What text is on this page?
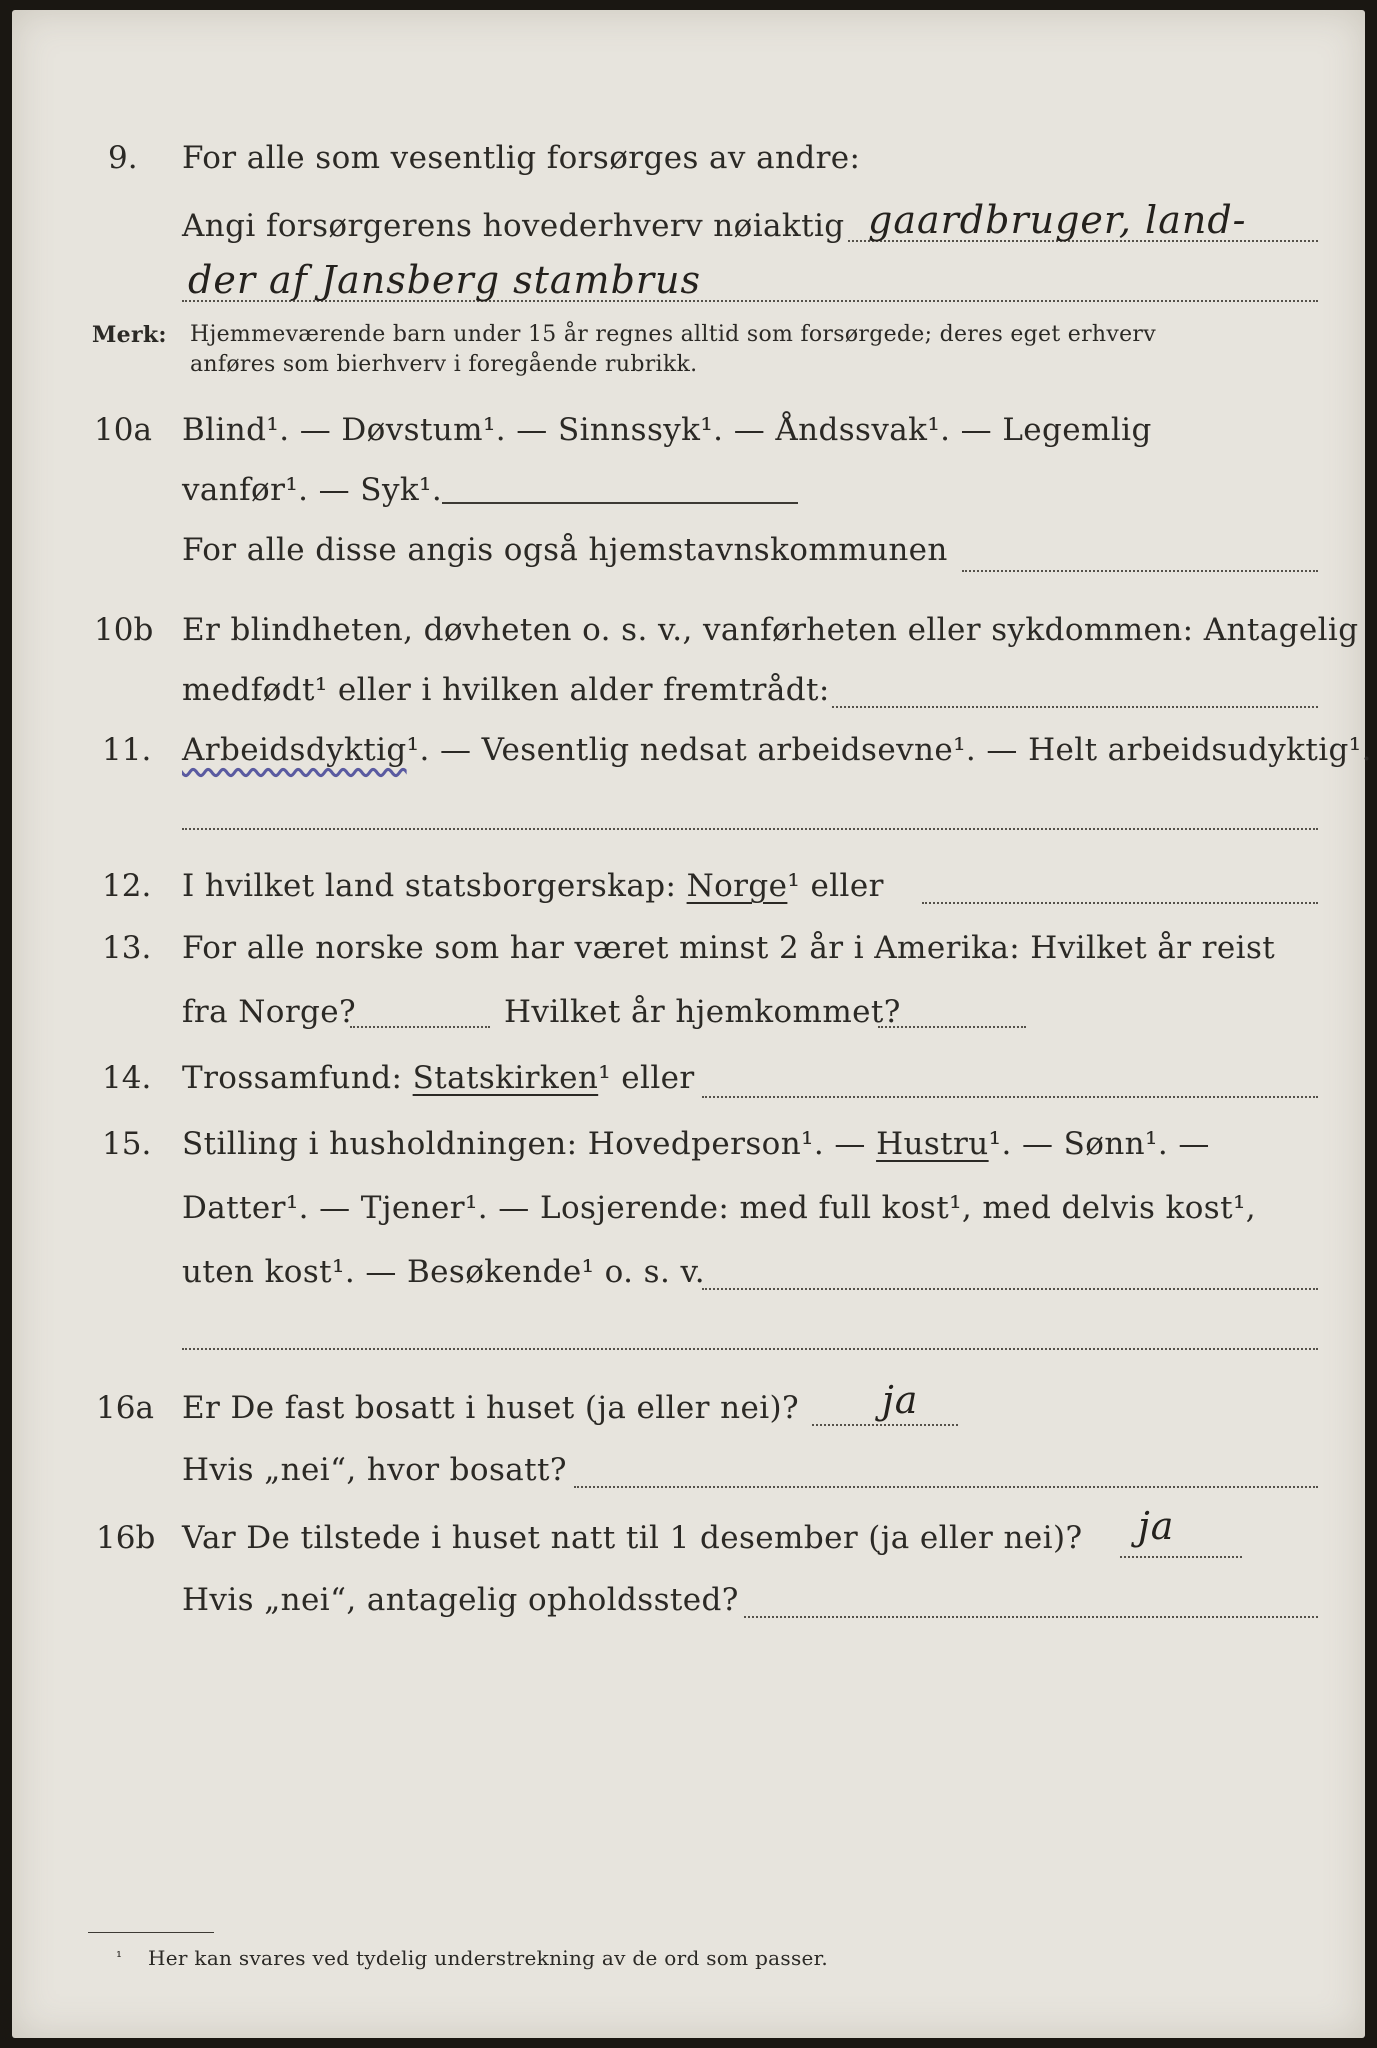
9. For alle som vesentlig forsørges av andre:
Angi forsørgerens hovederhverv nøiaktig gaardbruger, land-
der af Jansberg stambrus
Merk: Hjemmeværende barn under 15 år regnes alltid som forsørgede; deres eget erhverv
anføres som bierhverv i foregående rubrikk.
10a Blind¹. — Døvstum¹. — Sinnssyk¹. — Åndssvak¹. — Legemlig
vanfør¹. — Syk¹.
For alle disse angis også hjemstavnskommunen
10b Er blindheten, døvheten o. s. v., vanførheten eller sykdommen: Antagelig
medfødt¹ eller i hvilken alder fremtrådt:
11. Arbeidsdyktig¹. — Vesentlig nedsat arbeidsevne¹. — Helt arbeidsudyktig¹.
12. I hvilket land statsborgerskap: Norge¹ eller
13. For alle norske som har været minst 2 år i Amerika: Hvilket år reist
fra Norge?	Hvilket år hjemkommet?
14. Trossamfund: Statskirken¹ eller
15. Stilling i husholdningen: Hovedperson¹. — Hustru¹. — Sønn¹. —
Datter¹. — Tjener¹. — Losjerende: med full kost¹, med delvis kost¹,
uten kost¹. — Besøkende¹ o. s. v.
16a Er De fast bosatt i huset (ja eller nei)? ja
Hvis „nei“, hvor bosatt?
16b Var De tilstede i huset natt til 1 desember (ja eller nei)? ja
Hvis „nei“, antagelig opholdssted?
¹ Her kan svares ved tydelig understrekning av de ord som passer.
